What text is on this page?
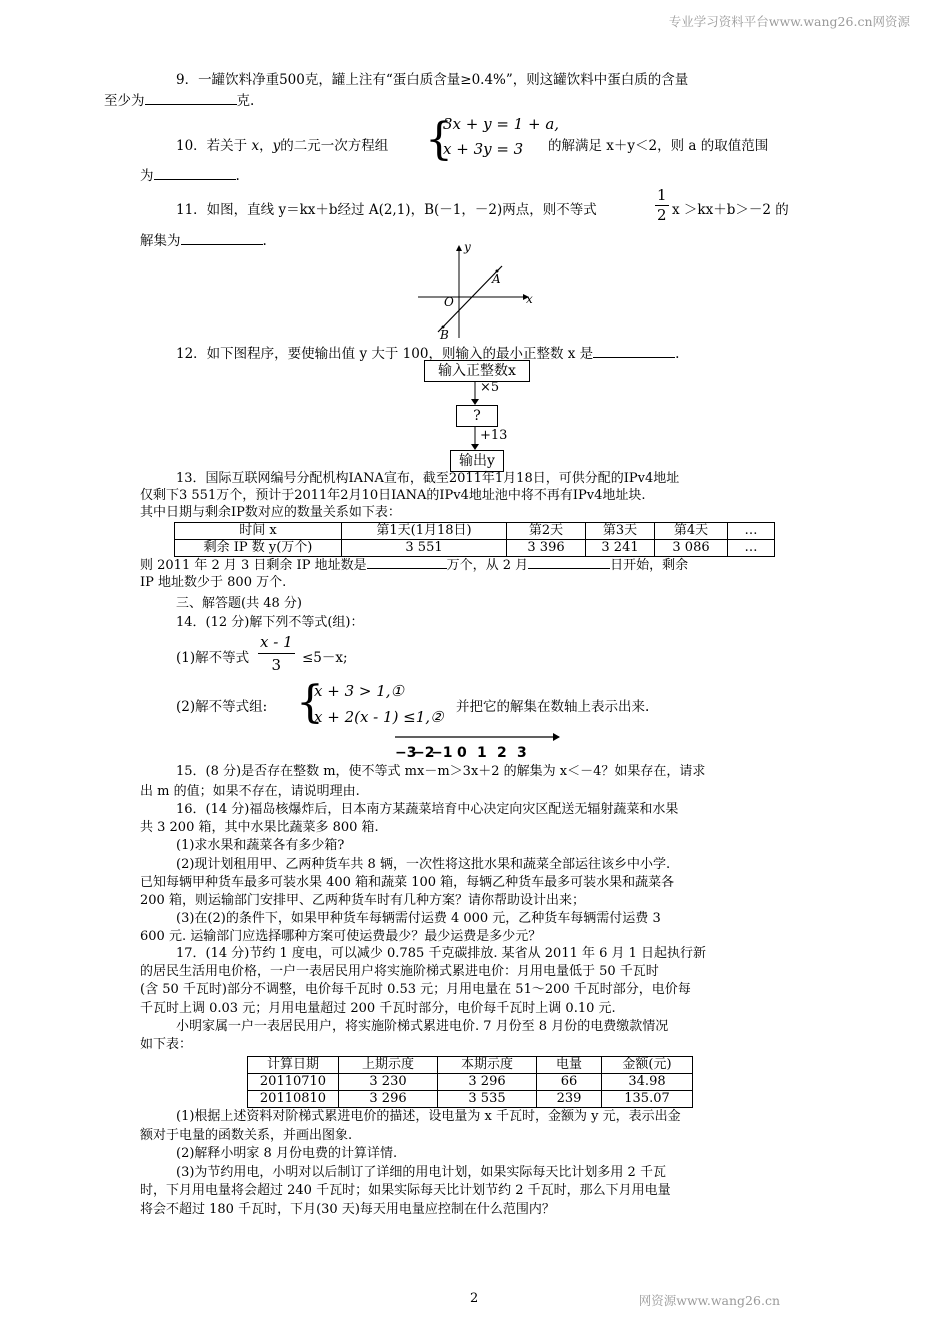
专业学习资料平台www.wang26.cn网资源
9．一罐饮料净重500克，罐上注有“蛋白质含量≥0.4%”，则这罐饮料中蛋白质的含量
至少为	克.
10．若关于 x，y的二元一次方程组 {
3x + y = 1 + a,
x + 3y = 3	的解满足 x＋y＜2，则 a 的取值范围
为	.
11．如图，直线 y＝kx＋b经过 A(2,1)，B(－1，－2)两点，则不等式
1
2 x ＞kx＋b＞－2 的
解集为	.	y
x
O
A
B
12．如下图程序，要使输出值 y 大于 100，则输入的最小正整数 x 是	.
输入正整数x
×5
?
+13
输出y
13．国际互联网编号分配机构IANA宣布，截至2011年1月18日，可供分配的IPv4地址
仅剩下3 551万个，预计于2011年2月10日IANA的IPv4地址池中将不再有IPv4地址块.
其中日期与剩余IP数对应的数量关系如下表：
时间 x	第1天(1月18日)	第2天	第3天	第4天	…
剩余 IP 数 y(万个)	3 551	3 396	3 241	3 086	…
则 2011 年 2 月 3 日剩余 IP 地址数是	万个，从 2 月	日开始，剩余
IP 地址数少于 800 万个.
三、解答题(共 48 分)
14．(12 分)解下列不等式(组)：
(1)解不等式
x - 1
3	≤5－x;
(2)解不等式组: {
x + 3 > 1,①
x + 2(x - 1) ≤1,②
并把它的解集在数轴上表示出来.
−3
−2
−1 0 1 2 3
15．(8 分)是否存在整数 m，使不等式 mx－m＞3x＋2 的解集为 x＜－4？如果存在，请求
出 m 的值；如果不存在，请说明理由.
16．(14 分)福岛核爆炸后，日本南方某蔬菜培育中心决定向灾区配送无辐射蔬菜和水果
共 3 200 箱，其中水果比蔬菜多 800 箱.
(1)求水果和蔬菜各有多少箱?
(2)现计划租用甲、乙两种货车共 8 辆，一次性将这批水果和蔬菜全部运往该乡中小学.
已知每辆甲种货车最多可装水果 400 箱和蔬菜 100 箱，每辆乙种货车最多可装水果和蔬菜各
200 箱，则运输部门安排甲、乙两种货车时有几种方案？请你帮助设计出来；
(3)在(2)的条件下，如果甲种货车每辆需付运费 4 000 元，乙种货车每辆需付运费 3
600 元. 运输部门应选择哪种方案可使运费最少？最少运费是多少元？
17．(14 分)节约 1 度电，可以减少 0.785 千克碳排放. 某省从 2011 年 6 月 1 日起执行新
的居民生活用电价格，一户一表居民用户将实施阶梯式累进电价：月用电量低于 50 千瓦时
(含 50 千瓦时)部分不调整，电价每千瓦时 0.53 元；月用电量在 51～200 千瓦时部分，电价每
千瓦时上调 0.03 元；月用电量超过 200 千瓦时部分，电价每千瓦时上调 0.10 元.
小明家属一户一表居民用户，将实施阶梯式累进电价. 7 月份至 8 月份的电费缴款情况
如下表：
计算日期	上期示度	本期示度	电量	金额(元)
20110710	3 230	3 296	66	34.98
20110810	3 296	3 535	239	135.07
(1)根据上述资料对阶梯式累进电价的描述，设电量为 x 千瓦时，金额为 y 元，表示出金
额对于电量的函数关系，并画出图象.
(2)解释小明家 8 月份电费的计算详情.
(3)为节约用电，小明对以后制订了详细的用电计划，如果实际每天比计划多用 2 千瓦
时，下月用电量将会超过 240 千瓦时；如果实际每天比计划节约 2 千瓦时，那么下月用电量
将会不超过 180 千瓦时，下月(30 天)每天用电量应控制在什么范围内？
2	网资源www.wang26.cn
